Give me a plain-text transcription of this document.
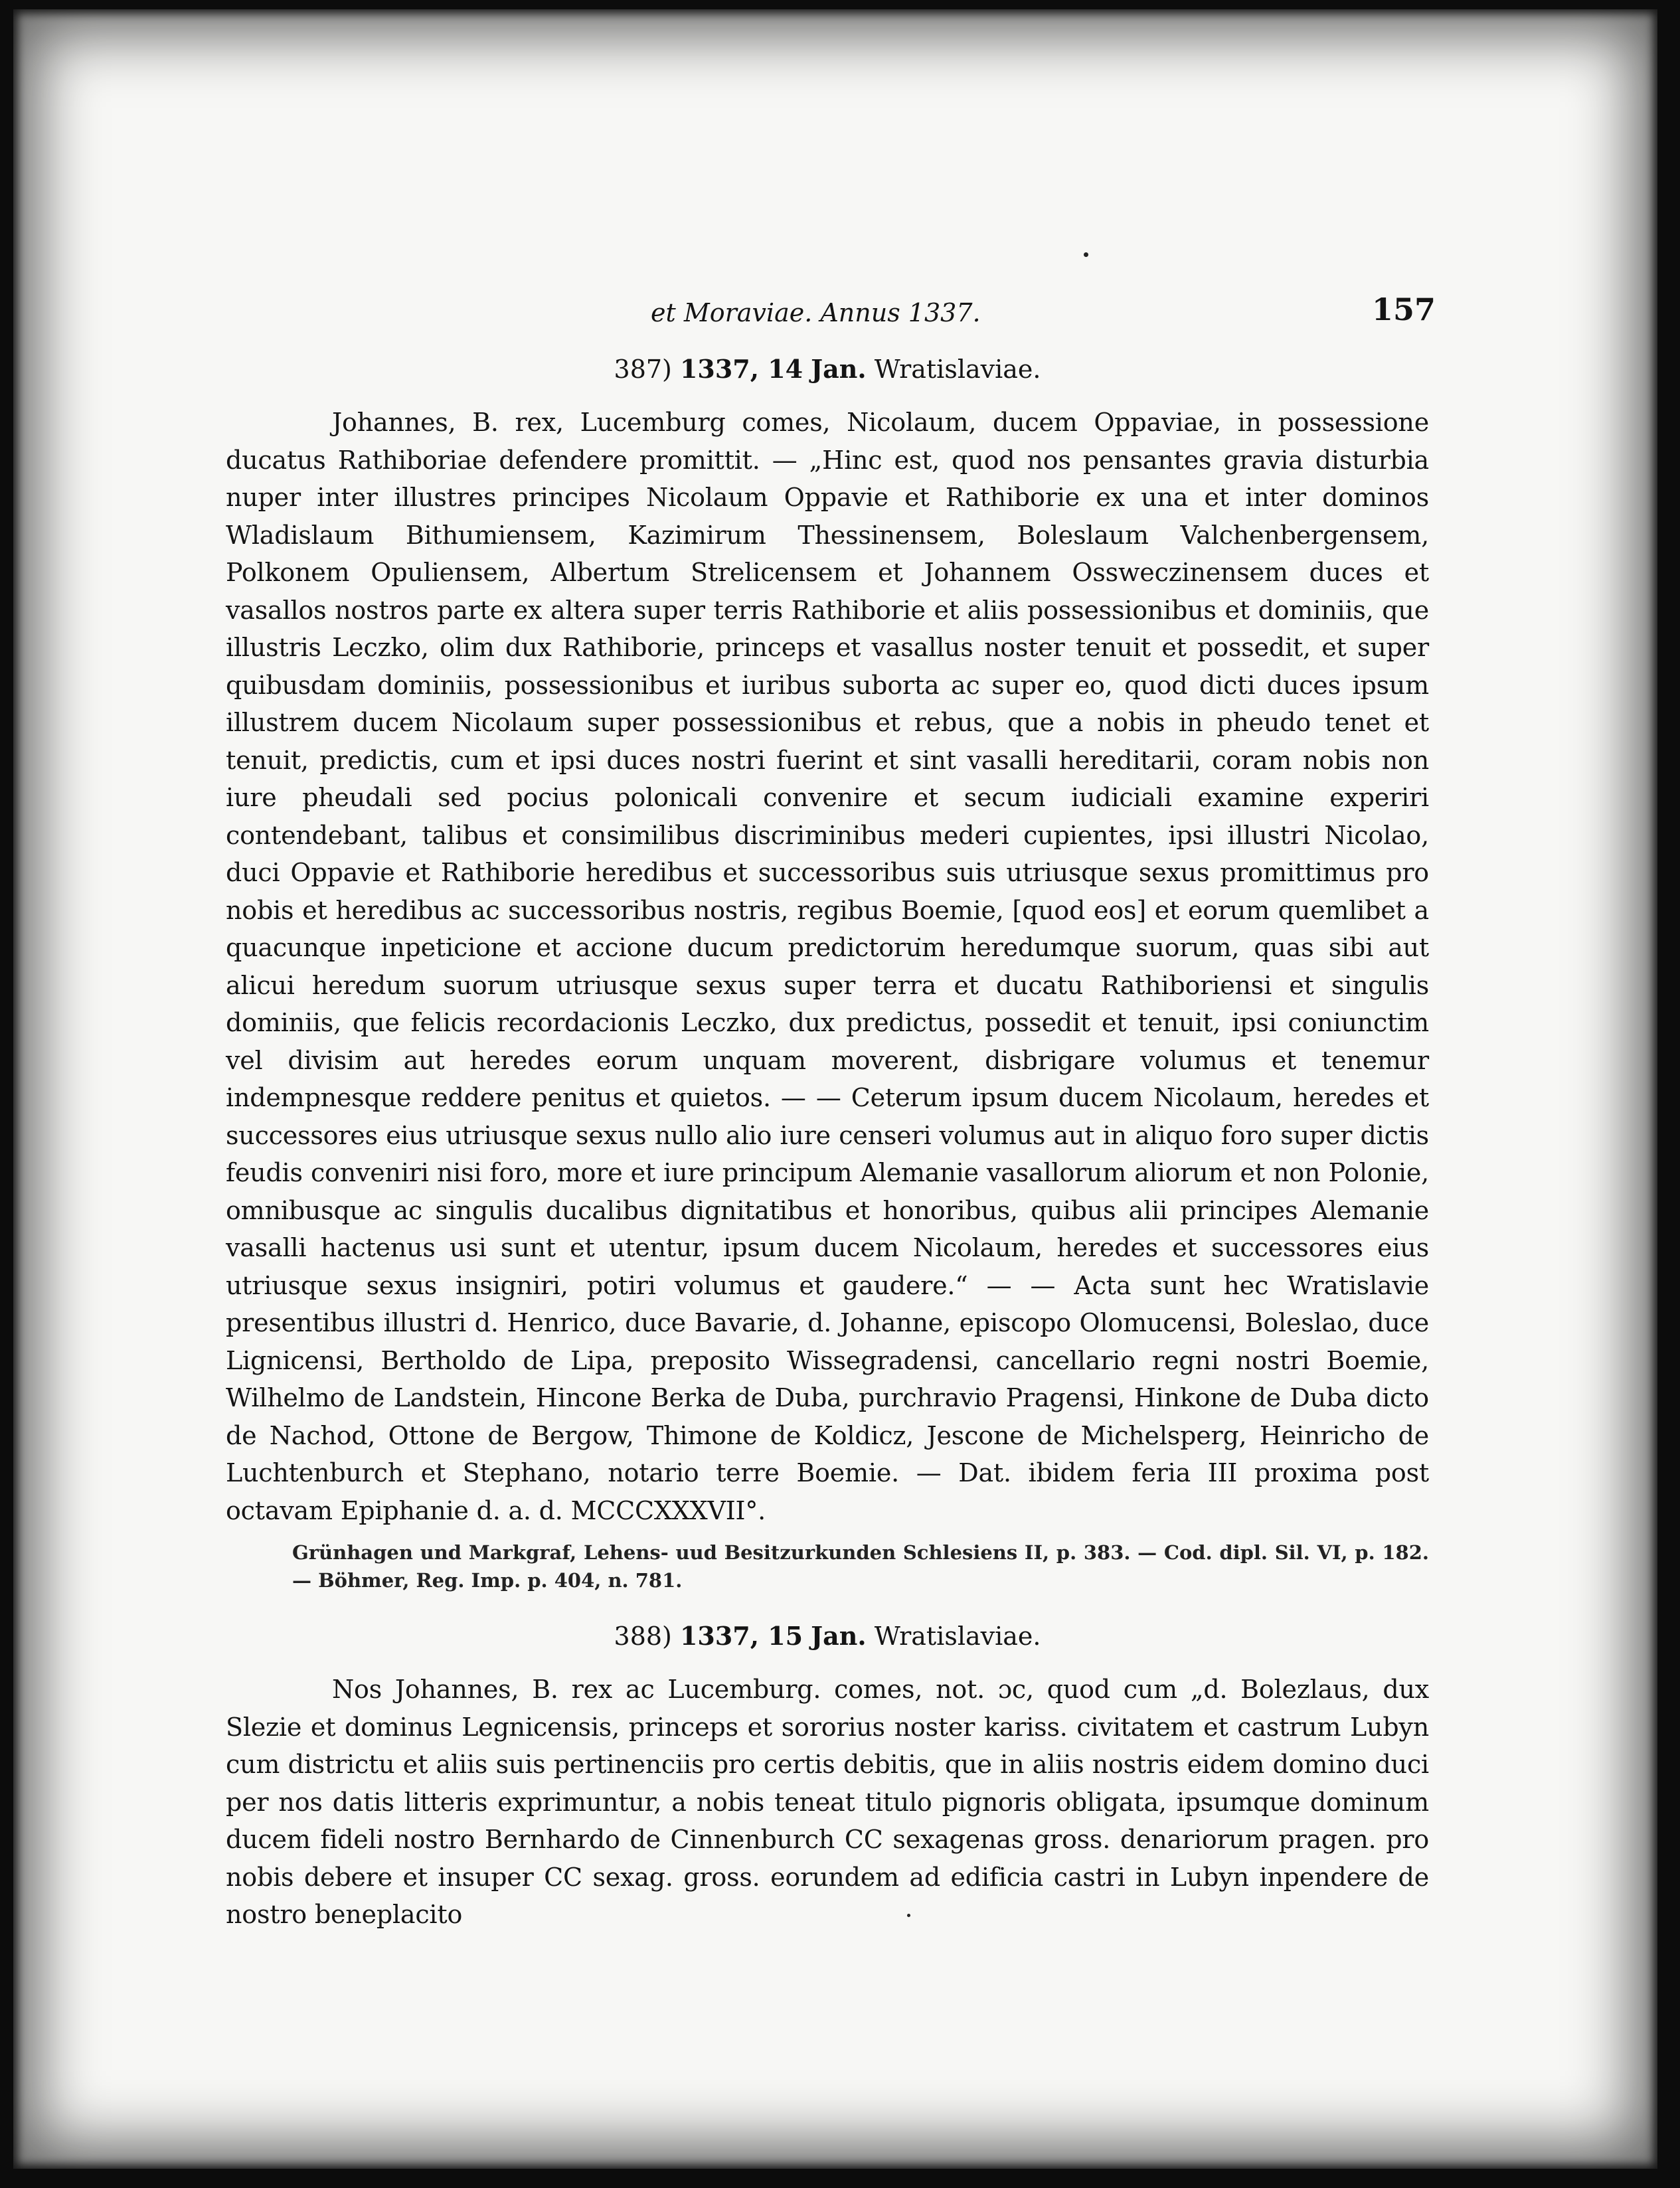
et Moraviae. Annus 1337.	157
387) 1337, 14 Jan. Wratislaviae.

Johannes, B. rex, Lucemburg comes, Nicolaum, ducem Oppaviae, in possessione ducatus Rathiboriae defendere promittit. — „Hinc est, quod nos pensantes gravia disturbia nuper inter illustres principes Nicolaum Oppavie et Rathiborie ex una et inter dominos Wladislaum Bithumiensem, Kazimirum Thessinensem, Boleslaum Valchenbergensem, Polkonem Opuliensem, Albertum Strelicensem et Johannem Ossweczinensem duces et vasallos nostros parte ex altera super terris Rathiborie et aliis possessionibus et dominiis, que illustris Leczko, olim dux Rathiborie, princeps et vasallus noster tenuit et possedit, et super quibusdam dominiis, possessionibus et iuribus suborta ac super eo, quod dicti duces ipsum illustrem ducem Nicolaum super possessionibus et rebus, que a nobis in pheudo tenet et tenuit, predictis, cum et ipsi duces nostri fuerint et sint vasalli hereditarii, coram nobis non iure pheudali sed pocius polonicali convenire et secum iudiciali examine experiri contendebant, talibus et consimilibus discriminibus mederi cupientes, ipsi illustri Nicolao, duci Oppavie et Rathiborie heredibus et successoribus suis utriusque sexus promittimus pro nobis et heredibus ac successoribus nostris, regibus Boemie, [quod eos] et eorum quemlibet a quacunque inpeticione et accione ducum predictorum heredumque suorum, quas sibi aut alicui heredum suorum utriusque sexus super terra et ducatu Rathiboriensi et singulis dominiis, que felicis recordacionis Leczko, dux predictus, possedit et tenuit, ipsi coniunctim vel divisim aut heredes eorum unquam moverent, disbrigare volumus et tenemur indempnesque reddere penitus et quietos. — — Ceterum ipsum ducem Nicolaum, heredes et successores eius utriusque sexus nullo alio iure censeri volumus aut in aliquo foro super dictis feudis conveniri nisi foro, more et iure principum Alemanie vasallorum aliorum et non Polonie, omnibusque ac singulis ducalibus dignitatibus et honoribus, quibus alii principes Alemanie vasalli hactenus usi sunt et utentur, ipsum ducem Nicolaum, heredes et successores eius utriusque sexus insigniri, potiri volumus et gaudere.“ — — Acta sunt hec Wratislavie presentibus illustri d. Henrico, duce Bavarie, d. Johanne, episcopo Olomucensi, Boleslao, duce Lignicensi, Bertholdo de Lipa, preposito Wissegradensi, cancellario regni nostri Boemie, Wilhelmo de Landstein, Hincone Berka de Duba, purchravio Pragensi, Hinkone de Duba dicto de Nachod, Ottone de Bergow, Thimone de Koldicz, Jescone de Michelsperg, Heinricho de Luchtenburch et Stephano, notario terre Boemie. — Dat. ibidem feria III proxima post octavam Epiphanie d. a. d. MCCCXXXVII°.

Grünhagen und Markgraf, Lehens- uud Besitzurkunden Schlesiens II, p. 383. — Cod. dipl. Sil. VI, p. 182. — Böhmer, Reg. Imp. p. 404, n. 781.

388) 1337, 15 Jan. Wratislaviae.

Nos Johannes, B. rex ac Lucemburg. comes, not. ɔc, quod cum „d. Bolezlaus, dux Slezie et dominus Legnicensis, princeps et sororius noster kariss. civitatem et castrum Lubyn cum districtu et aliis suis pertinenciis pro certis debitis, que in aliis nostris eidem domino duci per nos datis litteris exprimuntur, a nobis teneat titulo pignoris obligata, ipsumque dominum ducem fideli nostro Bernhardo de Cinnenburch CC sexagenas gross. denariorum pragen. pro nobis debere et insuper CC sexag. gross. eorundem ad edificia castri in Lubyn inpendere de nostro beneplacito
